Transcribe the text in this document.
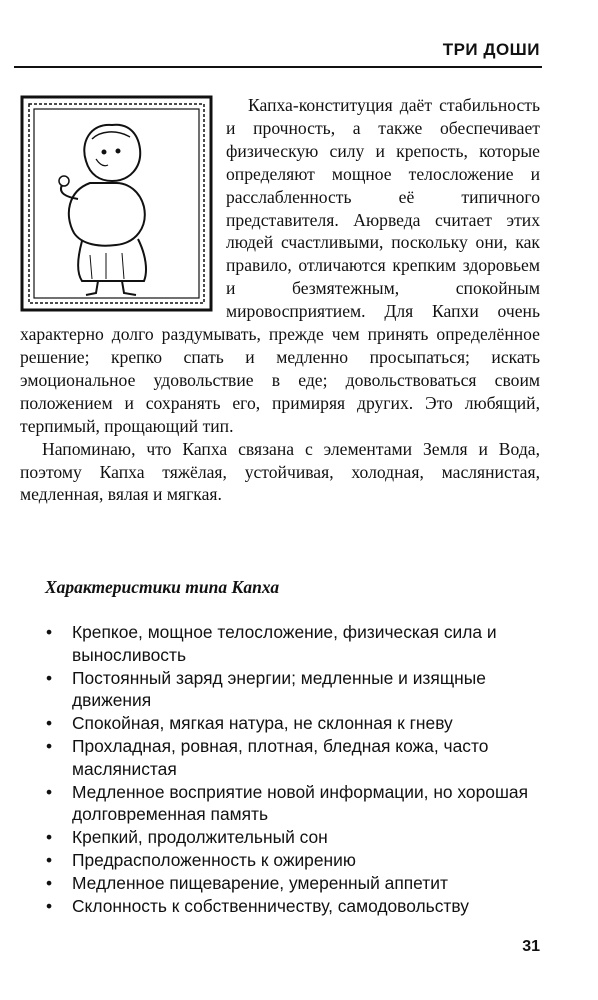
ТРИ ДОШИ

Капха-конституция даёт стабильность и прочность, а также обеспечивает физическую силу и крепость, которые определяют мощное телосложение и расслабленность её типичного представителя. Аюрведа считает этих людей счастливыми, поскольку они, как правило, отличаются крепким здоровьем и безмятежным, спокойным мировосприятием. Для Капхи очень характерно долго раздумывать, прежде чем принять определённое решение; крепко спать и медленно просыпаться; искать эмоциональное удовольствие в еде; довольствоваться своим положением и сохранять его, примиряя других. Это любящий, терпимый, прощающий тип.

Напоминаю, что Капха связана с элементами Земля и Вода, поэтому Капха тяжёлая, устойчивая, холодная, маслянистая, медленная, вялая и мягкая.

Характеристики типа Капха
• Крепкое, мощное телосложение, физическая сила и выносливость
• Постоянный заряд энергии; медленные и изящные движения
• Спокойная, мягкая натура, не склонная к гневу
• Прохладная, ровная, плотная, бледная кожа, часто маслянистая
• Медленное восприятие новой информации, но хорошая долговременная память
• Крепкий, продолжительный сон
• Предрасположенность к ожирению
• Медленное пищеварение, умеренный аппетит
• Склонность к собственничеству, самодовольству
31
